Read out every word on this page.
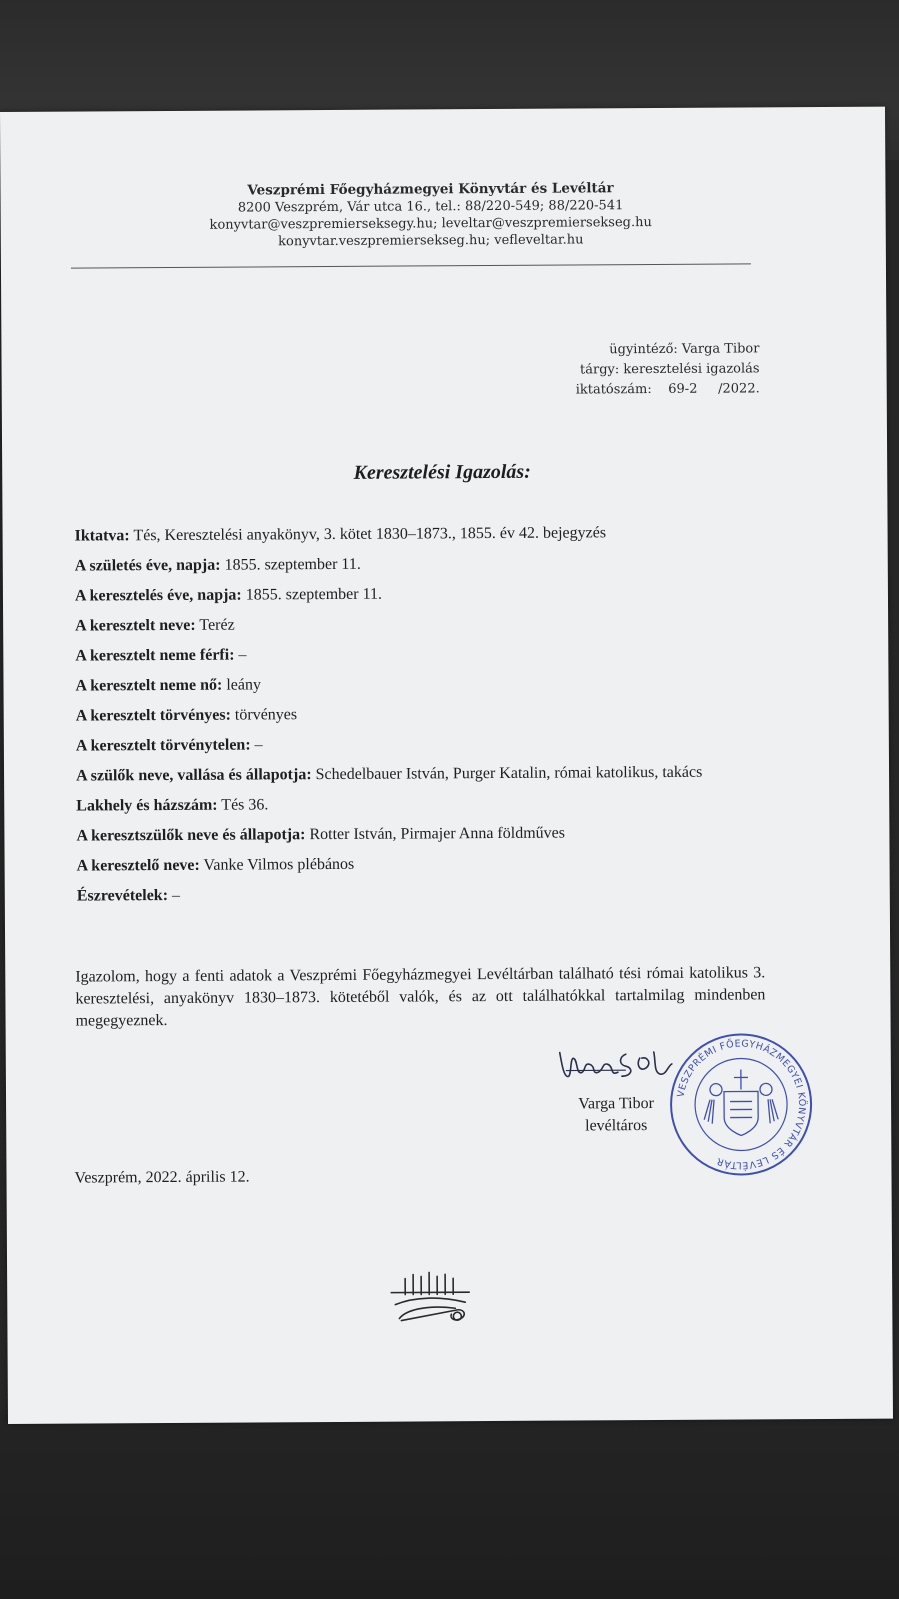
Veszprémi Főegyházmegyei Könyvtár és Levéltár
8200 Veszprém, Vár utca 16., tel.: 88/220-549; 88/220-541
konyvtar@veszpremierseksegy.hu; leveltar@veszpremiersekseg.hu
konyvtar.veszpremiersekseg.hu; vefleveltar.hu
ügyintéző: Varga Tibor
tárgy: keresztelési igazolás
iktatószám:    69-2     /2022.
Keresztelési Igazolás:

Iktatva: Tés, Keresztelési anyakönyv, 3. kötet 1830–1873., 1855. év 42. bejegyzés

A születés éve, napja: 1855. szeptember 11.

A keresztelés éve, napja: 1855. szeptember 11.

A keresztelt neve: Teréz

A keresztelt neme férfi: –

A keresztelt neme nő: leány

A keresztelt törvényes: törvényes

A keresztelt törvénytelen: –

A szülők neve, vallása és állapotja: Schedelbauer István, Purger Katalin, római katolikus, takács

Lakhely és házszám: Tés 36.

A keresztszülők neve és állapotja: Rotter István, Pirmajer Anna földműves

A keresztelő neve: Vanke Vilmos plébános

Észrevételek: –

Igazolom, hogy a fenti adatok a Veszprémi Főegyházmegyei Levéltárban található tési római katolikus 3. keresztelési, anyakönyv 1830–1873. kötetéből valók, és az ott találhatókkal tartalmilag mindenben megegyeznek.
Varga Tibor
levéltáros
VESZPRÉMI FŐEGYHÁZMEGYEI KÖNYVTÁR ÉS LEVÉLTÁR
Veszprém, 2022. április 12.
